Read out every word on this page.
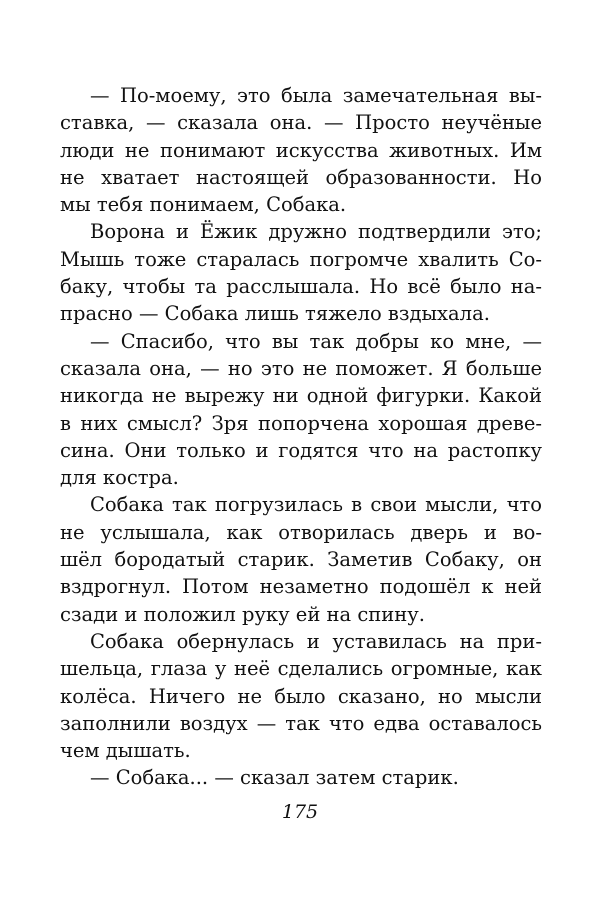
— По-моему, это была замечательная вы-
ставка, — сказала она. — Просто неучёные
люди не понимают искусства животных. Им
не хватает настоящей образованности. Но
мы тебя понимаем, Собака.
Ворона и Ёжик дружно подтвердили это;
Мышь тоже старалась погромче хвалить Со-
баку, чтобы та расслышала. Но всё было на-
прасно — Собака лишь тяжело вздыхала.
— Спасибо, что вы так добры ко мне, —
сказала она, — но это не поможет. Я больше
никогда не вырежу ни одной фигурки. Какой
в них смысл? Зря попорчена хорошая древе-
сина. Они только и годятся что на растопку
для костра.
Собака так погрузилась в свои мысли, что
не услышала, как отворилась дверь и во-
шёл бородатый старик. Заметив Собаку, он
вздрогнул. Потом незаметно подошёл к ней
сзади и положил руку ей на спину.
Собака обернулась и уставилась на при-
шельца, глаза у неё сделались огромные, как
колёса. Ничего не было сказано, но мысли
заполнили воздух — так что едва оставалось
чем дышать.
— Собака... — сказал затем старик.
175
